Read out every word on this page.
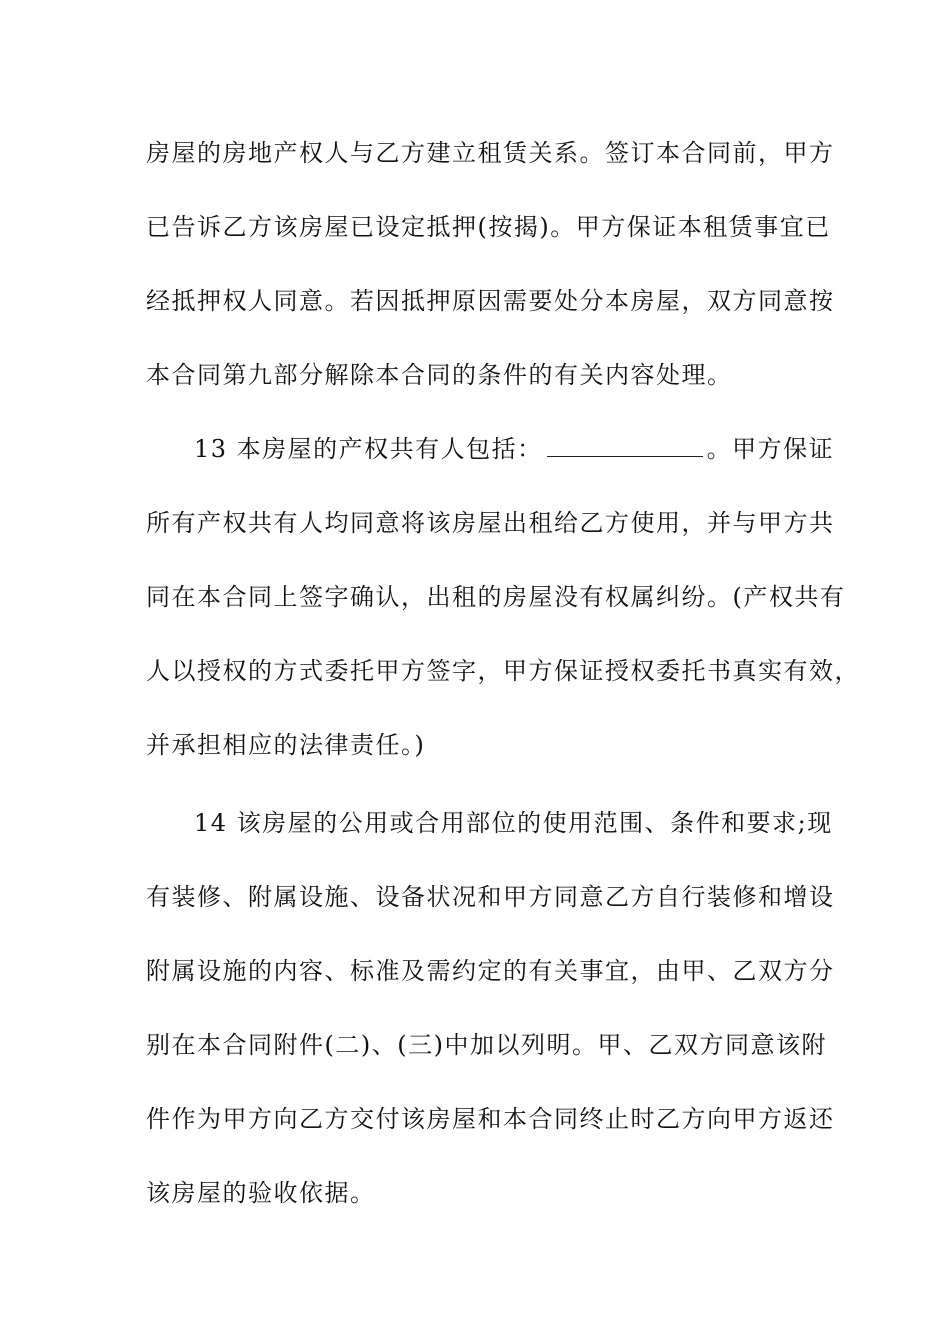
房屋的房地产权人与乙方建立租赁关系。签订本合同前，甲方
已告诉乙方该房屋已设定抵押(按揭)。甲方保证本租赁事宜已
经抵押权人同意。若因抵押原因需要处分本房屋，双方同意按
本合同第九部分解除本合同的条件的有关内容处理。
13 本房屋的产权共有人包括：	。甲方保证
所有产权共有人均同意将该房屋出租给乙方使用，并与甲方共
同在本合同上签字确认，出租的房屋没有权属纠纷。(产权共有
人以授权的方式委托甲方签字，甲方保证授权委托书真实有效，
并承担相应的法律责任。)
14 该房屋的公用或合用部位的使用范围、条件和要求;现
有装修、附属设施、设备状况和甲方同意乙方自行装修和增设
附属设施的内容、标准及需约定的有关事宜，由甲、乙双方分
别在本合同附件(二)、(三)中加以列明。甲、乙双方同意该附
件作为甲方向乙方交付该房屋和本合同终止时乙方向甲方返还
该房屋的验收依据。
